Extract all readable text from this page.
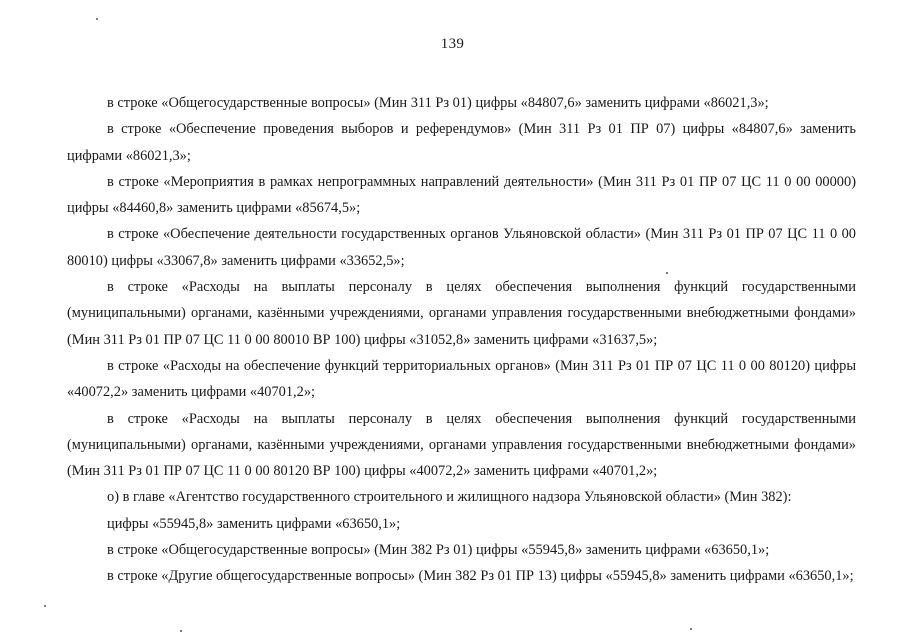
139

в строке «Общегосударственные вопросы» (Мин 311 Рз 01) цифры «84807,6» заменить цифрами «86021,3»;

в строке «Обеспечение проведения выборов и референдумов» (Мин 311 Рз 01 ПР 07) цифры «84807,6» заменить цифрами «86021,3»;

в строке «Мероприятия в рамках непрограммных направлений деятельности» (Мин 311 Рз 01 ПР 07 ЦС 11 0 00 00000) цифры «84460,8» заменить цифрами «85674,5»;

в строке «Обеспечение деятельности государственных органов Ульяновской области» (Мин 311 Рз 01 ПР 07 ЦС 11 0 00 80010) цифры «33067,8» заменить цифрами «33652,5»;

в строке «Расходы на выплаты персоналу в целях обеспечения выполнения функций государственными (муниципальными) органами, казёнными учреждениями, органами управления государственными внебюджетными фондами» (Мин 311 Рз 01 ПР 07 ЦС 11 0 00 80010 ВР 100) цифры «31052,8» заменить цифрами «31637,5»;

в строке «Расходы на обеспечение функций территориальных органов» (Мин 311 Рз 01 ПР 07 ЦС 11 0 00 80120) цифры «40072,2» заменить цифрами «40701,2»;

в строке «Расходы на выплаты персоналу в целях обеспечения выполнения функций государственными (муниципальными) органами, казёнными учреждениями, органами управления государственными внебюджетными фондами» (Мин 311 Рз 01 ПР 07 ЦС 11 0 00 80120 ВР 100) цифры «40072,2» заменить цифрами «40701,2»;

о) в главе «Агентство государственного строительного и жилищного надзора Ульяновской области» (Мин 382):

цифры «55945,8» заменить цифрами «63650,1»;

в строке «Общегосударственные вопросы» (Мин 382 Рз 01) цифры «55945,8» заменить цифрами «63650,1»;

в строке «Другие общегосударственные вопросы» (Мин 382 Рз 01 ПР 13) цифры «55945,8» заменить цифрами «63650,1»;
